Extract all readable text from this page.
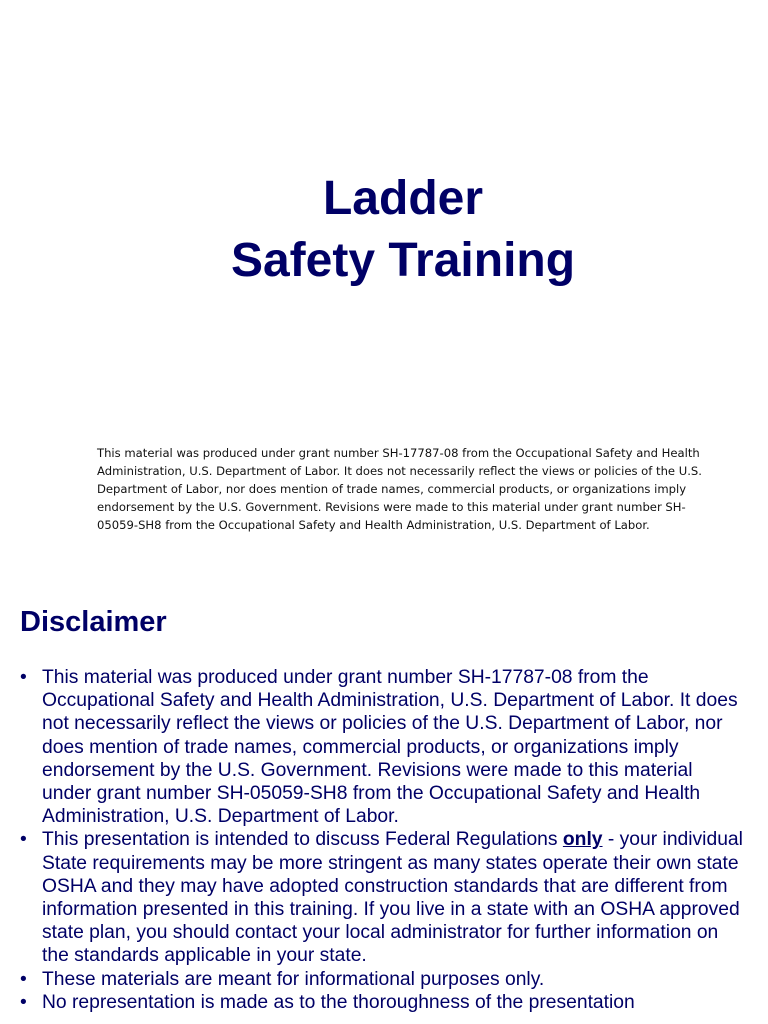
Ladder
Safety Training

This material was produced under grant number SH-17787-08 from the Occupational Safety and Health Administration, U.S. Department of Labor. It does not necessarily reflect the views or policies of the U.S. Department of Labor, nor does mention of trade names, commercial products, or organizations imply endorsement by the U.S. Government. Revisions were made to this material under grant number SH-05059-SH8 from the Occupational Safety and Health Administration, U.S. Department of Labor.

Disclaimer
• This material was produced under grant number SH-17787-08 from the Occupational Safety and Health Administration, U.S. Department of Labor. It does not necessarily reflect the views or policies of the U.S. Department of Labor, nor does mention of trade names, commercial products, or organizations imply endorsement by the U.S. Government. Revisions were made to this material under grant number SH-05059-SH8 from the Occupational Safety and Health Administration, U.S. Department of Labor.
• This presentation is intended to discuss Federal Regulations only - your individual State requirements may be more stringent as many states operate their own state OSHA and they may have adopted construction standards that are different from information presented in this training. If you live in a state with an OSHA approved state plan, you should contact your local administrator for further information on the standards applicable in your state.
• These materials are meant for informational purposes only.
• No representation is made as to the thoroughness of the presentation
